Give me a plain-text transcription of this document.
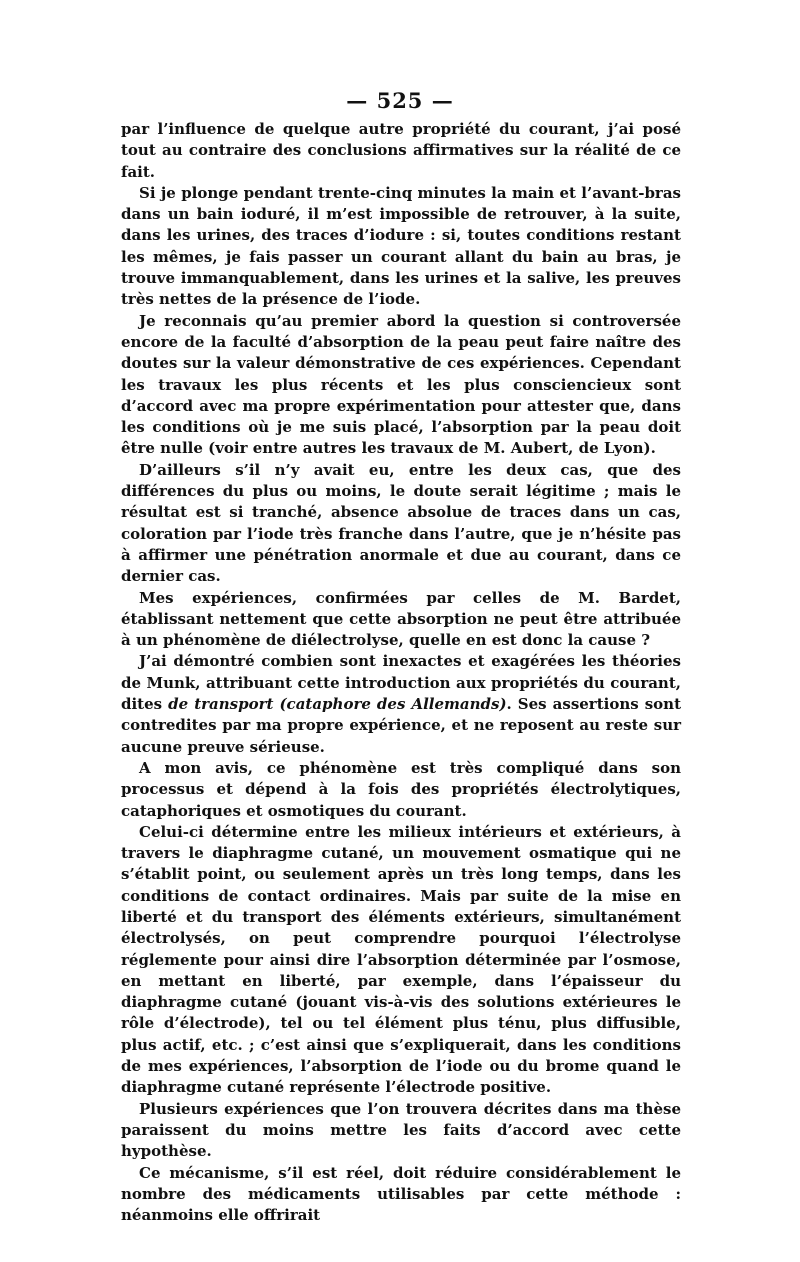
— 525 —

par l’influence de quelque autre propriété du courant, j’ai posé tout au contraire des conclusions affirmatives sur la réalité de ce fait.

Si je plonge pendant trente-cinq minutes la main et l’avant-bras dans un bain ioduré, il m’est impossible de retrouver, à la suite, dans les urines, des traces d’iodure : si, toutes conditions restant les mêmes, je fais passer un courant allant du bain au bras, je trouve immanquablement, dans les urines et la salive, les preuves très nettes de la présence de l’iode.

Je reconnais qu’au premier abord la question si controversée encore de la faculté d’absorption de la peau peut faire naître des doutes sur la valeur démonstrative de ces expériences. Cependant les travaux les plus récents et les plus consciencieux sont d’accord avec ma propre expérimentation pour attester que, dans les conditions où je me suis placé, l’absorption par la peau doit être nulle (voir entre autres les travaux de M. Aubert, de Lyon).

D’ailleurs s’il n’y avait eu, entre les deux cas, que des différences du plus ou moins, le doute serait légitime ; mais le résultat est si tranché, absence absolue de traces dans un cas, coloration par l’iode très franche dans l’autre, que je n’hésite pas à affirmer une pénétration anormale et due au courant, dans ce dernier cas.

Mes expériences, confirmées par celles de M. Bardet, établissant nettement que cette absorption ne peut être attribuée à un phénomène de diélectrolyse, quelle en est donc la cause ?

J’ai démontré combien sont inexactes et exagérées les théories de Munk, attribuant cette introduction aux propriétés du courant, dites de transport (cataphore des Allemands). Ses assertions sont contredites par ma propre expérience, et ne reposent au reste sur aucune preuve sérieuse.

A mon avis, ce phénomène est très compliqué dans son processus et dépend à la fois des propriétés électrolytiques, cataphoriques et osmotiques du courant.

Celui-ci détermine entre les milieux intérieurs et extérieurs, à travers le diaphragme cutané, un mouvement osmatique qui ne s’établit point, ou seulement après un très long temps, dans les conditions de contact ordinaires. Mais par suite de la mise en liberté et du transport des éléments extérieurs, simultanément électrolysés, on peut comprendre pourquoi l’électrolyse réglemente pour ainsi dire l’absorption déterminée par l’osmose, en mettant en liberté, par exemple, dans l’épaisseur du diaphragme cutané (jouant vis-à-vis des solutions extérieures le rôle d’électrode), tel ou tel élément plus ténu, plus diffusible, plus actif, etc. ; c’est ainsi que s’expliquerait, dans les conditions de mes expériences, l’absorption de l’iode ou du brome quand le diaphragme cutané représente l’électrode positive.

Plusieurs expériences que l’on trouvera décrites dans ma thèse paraissent du moins mettre les faits d’accord avec cette hypothèse.

Ce mécanisme, s’il est réel, doit réduire considérablement le nombre des médicaments utilisables par cette méthode : néanmoins elle offrirait
